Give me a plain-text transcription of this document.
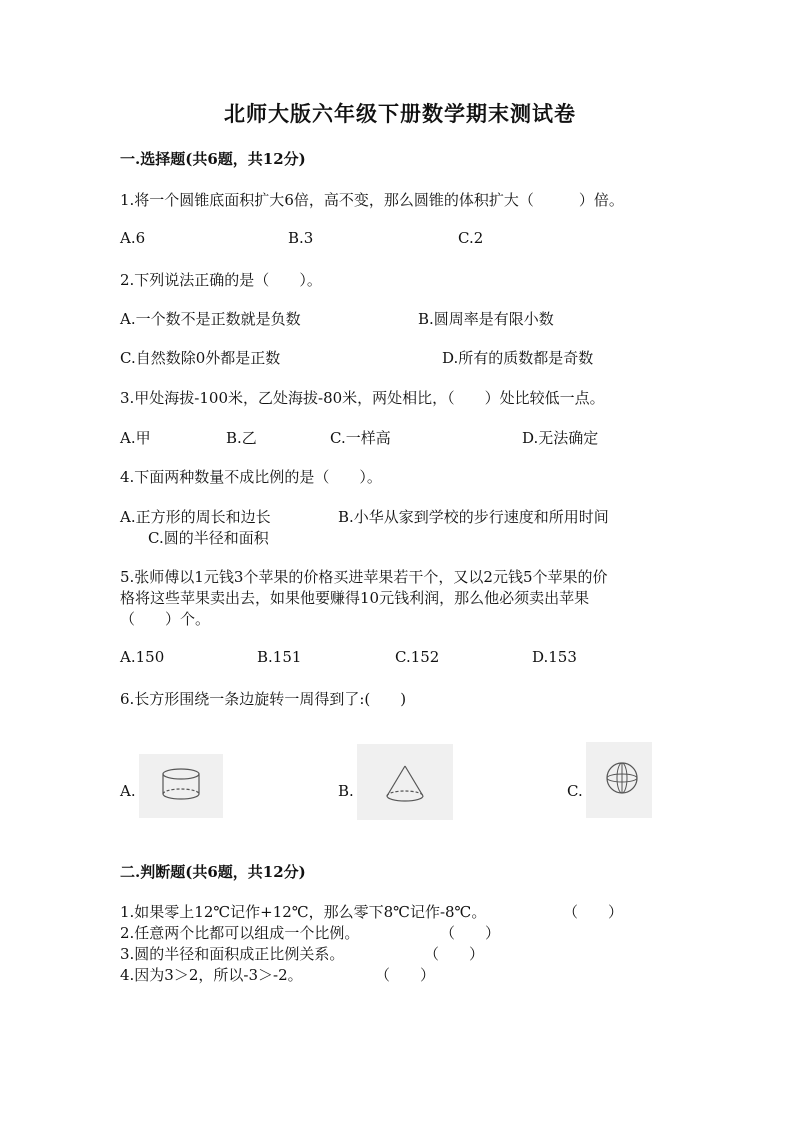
北师大版六年级下册数学期末测试卷
一.选择题(共6题，共12分)
1.将一个圆锥底面积扩大6倍，高不变，那么圆锥的体积扩大（　　　）倍。
A.6	B.3	C.2
2.下列说法正确的是（　　）。
A.一个数不是正数就是负数	B.圆周率是有限小数
C.自然数除0外都是正数	D.所有的质数都是奇数
3.甲处海拔-100米，乙处海拔-80米，两处相比，（　　）处比较低一点。
A.甲	B.乙	C.一样高	D.无法确定
4.下面两种数量不成比例的是（　　）。
A.正方形的周长和边长	B.小华从家到学校的步行速度和所用时间
C.圆的半径和面积
5.张师傅以1元钱3个苹果的价格买进苹果若干个，又以2元钱5个苹果的价
格将这些苹果卖出去，如果他要赚得10元钱利润，那么他必须卖出苹果
（　　）个。
A.150	B.151	C.152	D.153
6.长方形围绕一条边旋转一周得到了:(　　)
A.	B.	C.
二.判断题(共6题，共12分)
1.如果零上12℃记作+12℃，那么零下8℃记作-8℃。	（　　）
2.任意两个比都可以组成一个比例。	（　　）
3.圆的半径和面积成正比例关系。	（　　）
4.因为3＞2，所以-3＞-2。	（　　）
